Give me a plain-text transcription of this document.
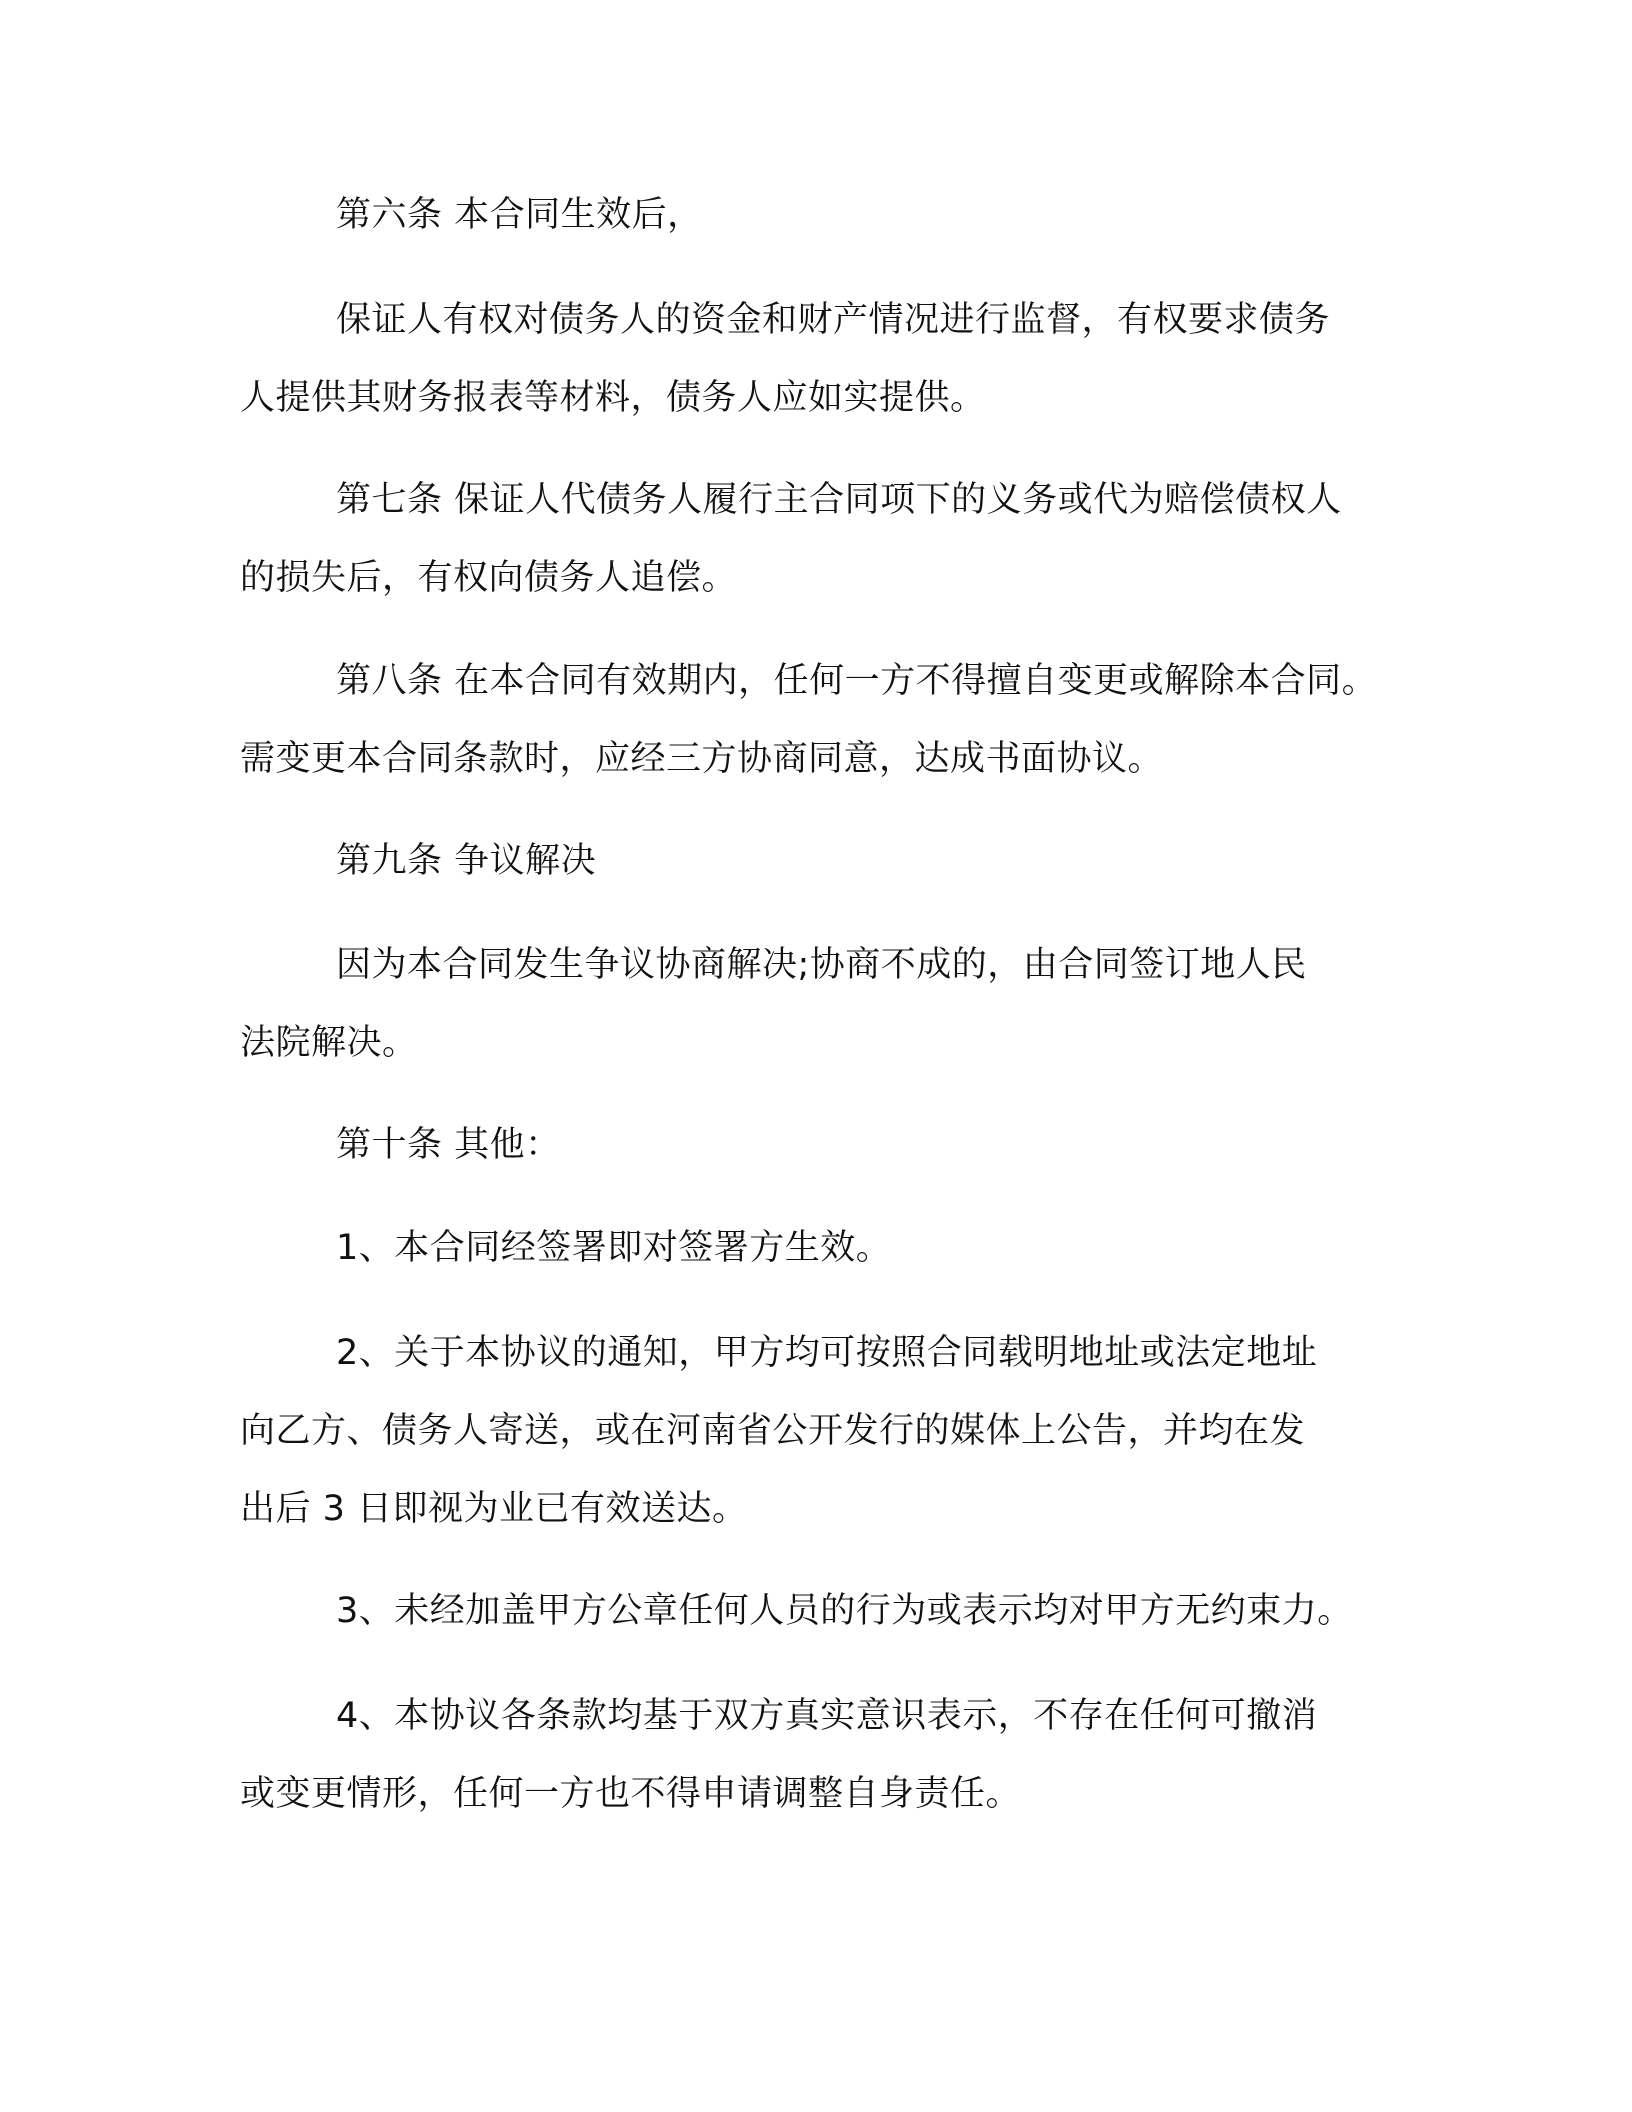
第六条 本合同生效后，

保证人有权对债务人的资金和财产情况进行监督，有权要求债务
人提供其财务报表等材料，债务人应如实提供。

第七条 保证人代债务人履行主合同项下的义务或代为赔偿债权人
的损失后，有权向债务人追偿。

第八条 在本合同有效期内，任何一方不得擅自变更或解除本合同。
需变更本合同条款时，应经三方协商同意，达成书面协议。

第九条 争议解决

因为本合同发生争议协商解决;协商不成的，由合同签订地人民
法院解决。

第十条 其他：

1、本合同经签署即对签署方生效。

2、关于本协议的通知，甲方均可按照合同载明地址或法定地址
向乙方、债务人寄送，或在河南省公开发行的媒体上公告，并均在发
出后 3 日即视为业已有效送达。

3、未经加盖甲方公章任何人员的行为或表示均对甲方无约束力。

4、本协议各条款均基于双方真实意识表示，不存在任何可撤消
或变更情形，任何一方也不得申请调整自身责任。
